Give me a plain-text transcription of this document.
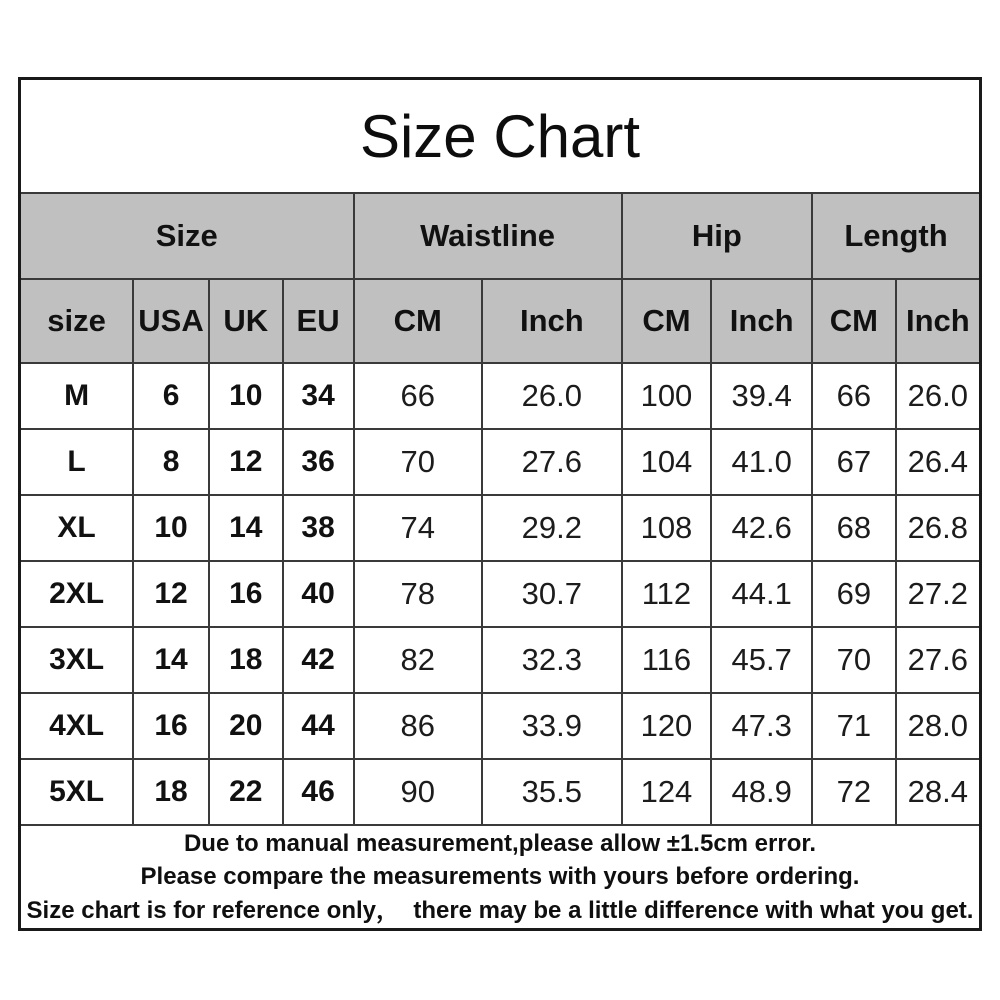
Size Chart									
Size				Waistline		Hip		Length	
size	USA	UK	EU	CM	Inch	CM	Inch	CM	Inch
M	6	10	34	66	26.0	100	39.4	66	26.0
L	8	12	36	70	27.6	104	41.0	67	26.4
XL	10	14	38	74	29.2	108	42.6	68	26.8
2XL	12	16	40	78	30.7	112	44.1	69	27.2
3XL	14	18	42	82	32.3	116	45.7	70	27.6
4XL	16	20	44	86	33.9	120	47.3	71	28.0
5XL	18	22	46	90	35.5	124	48.9	72	28.4

Due to manual measurement,please allow ±1.5cm error.
Please compare the measurements with yours before ordering.
Size chart is for reference only，  there may be a little difference with what you get.									
